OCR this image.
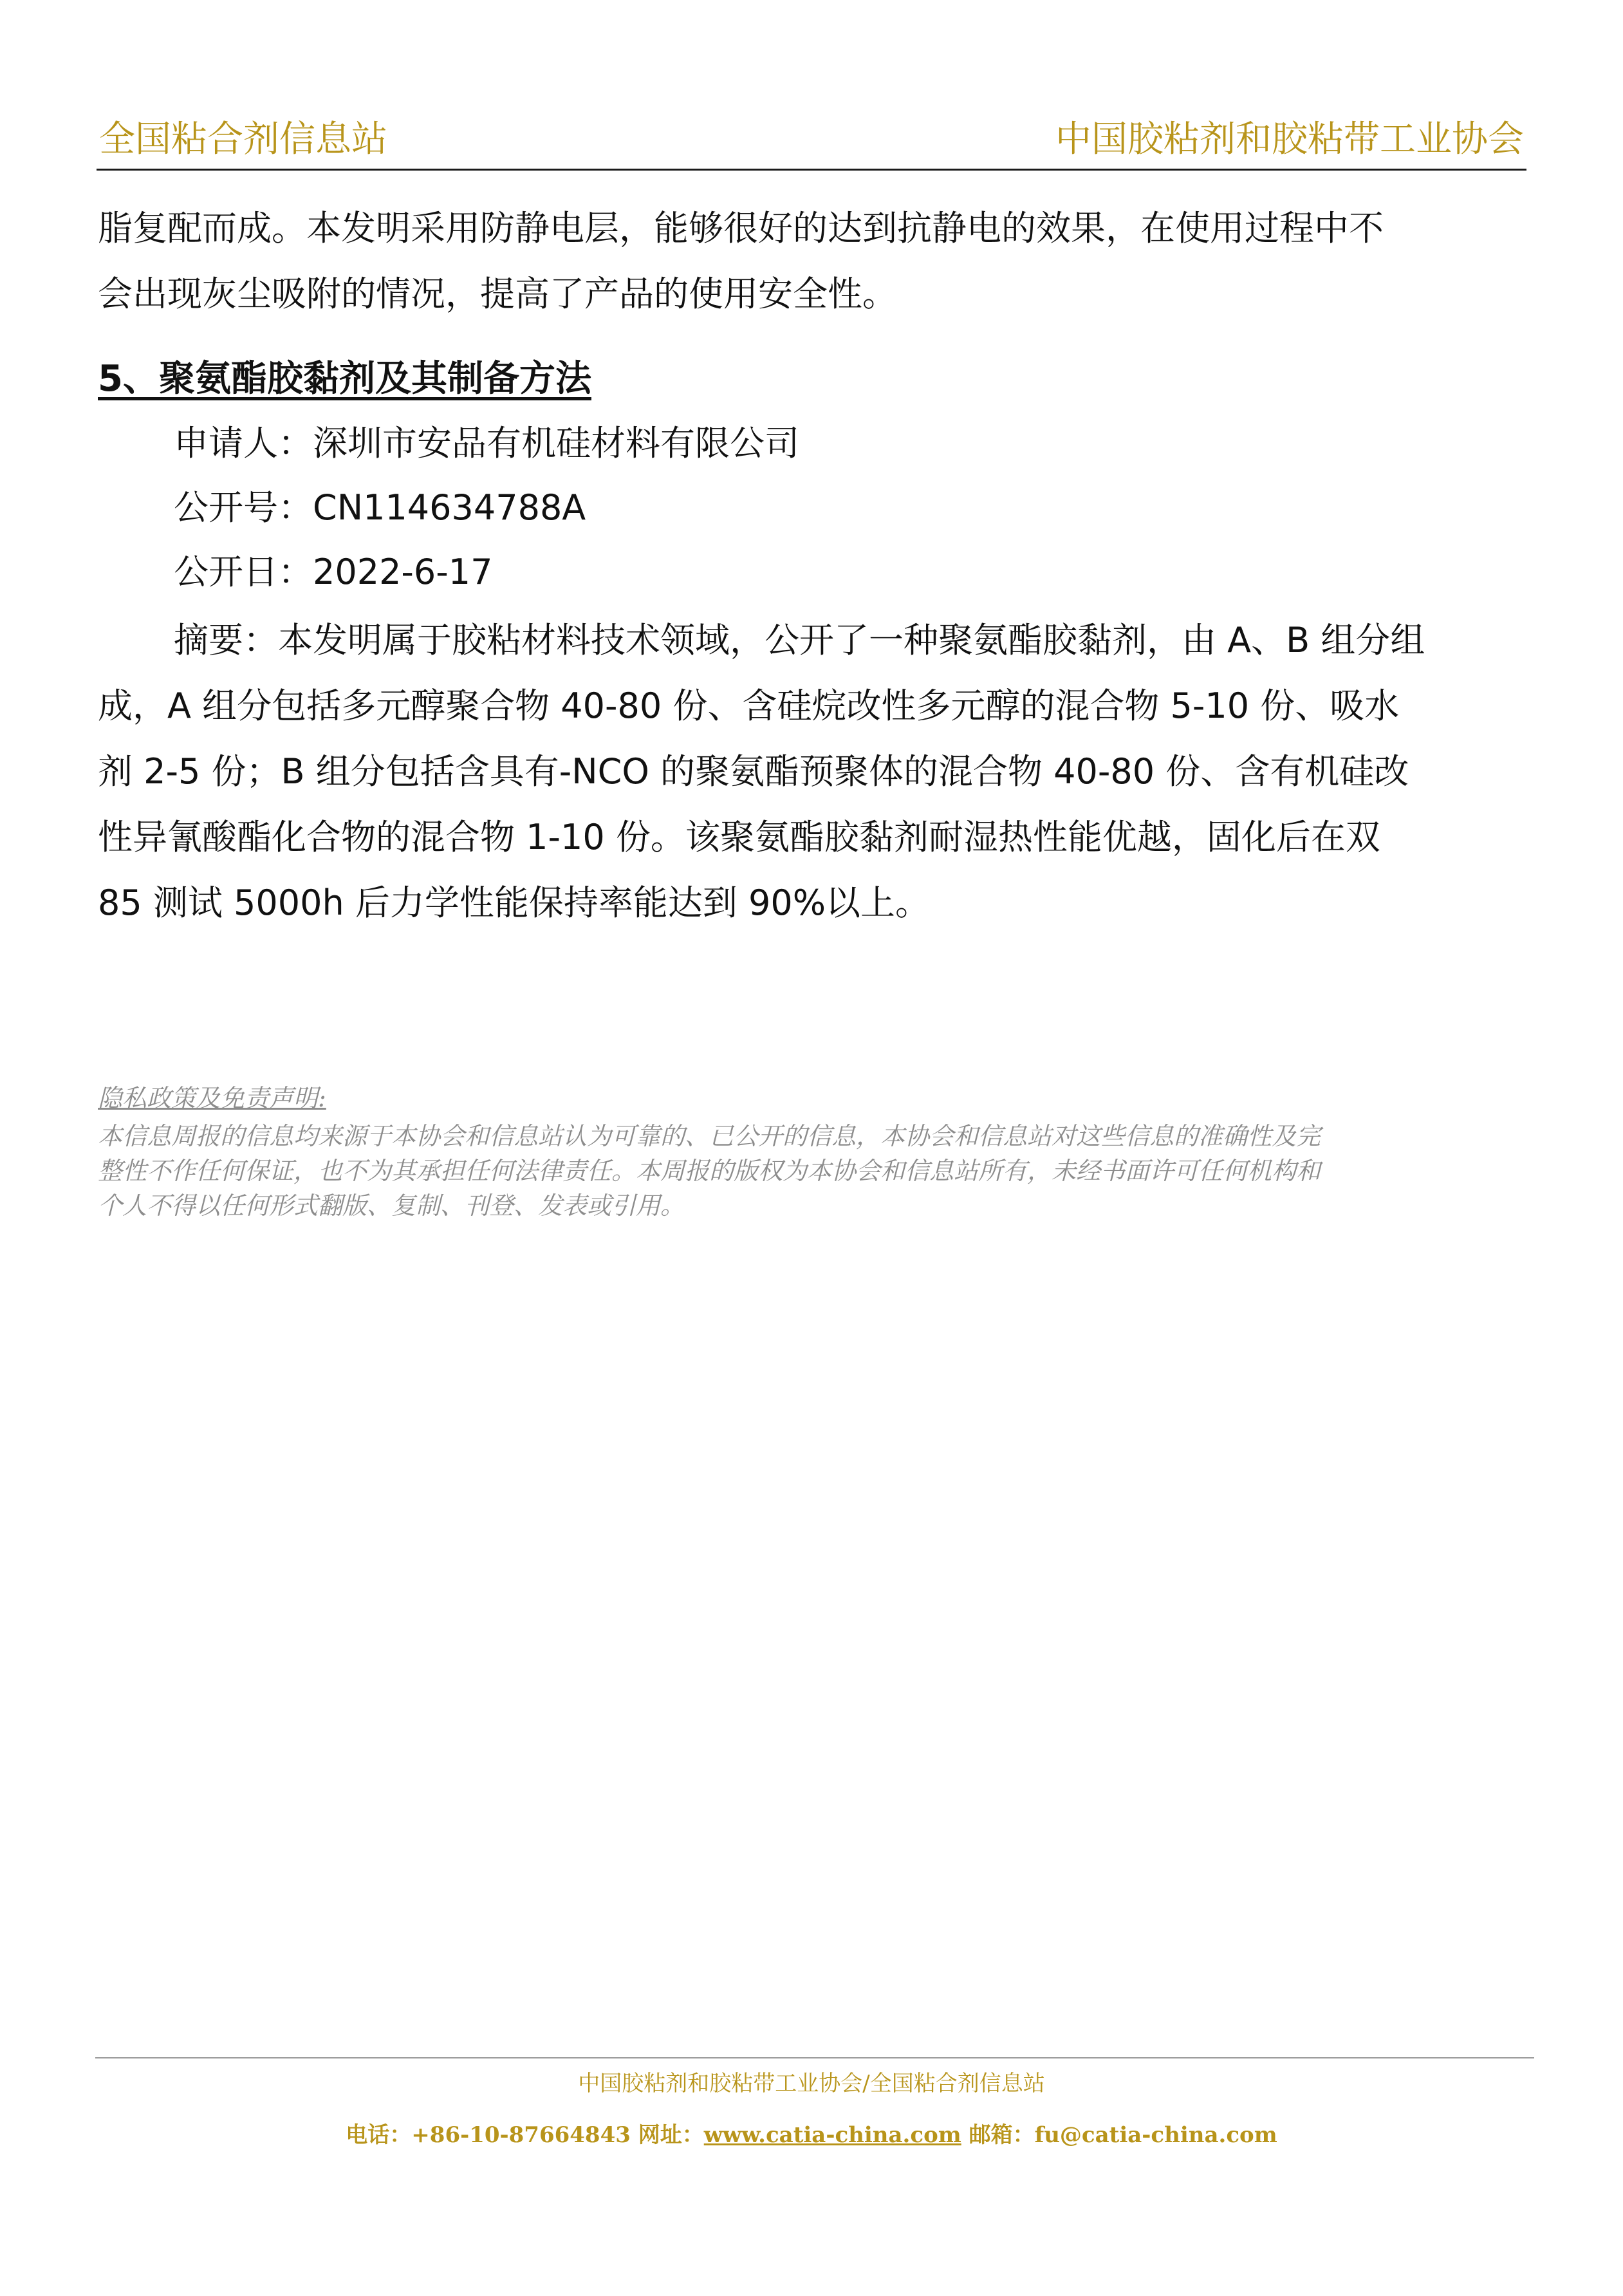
全国粘合剂信息站	中国胶粘剂和胶粘带工业协会
脂复配而成。本发明采用防静电层，能够很好的达到抗静电的效果，在使用过程中不
会出现灰尘吸附的情况，提高了产品的使用安全性。
5、聚氨酯胶黏剂及其制备方法
申请人：深圳市安品有机硅材料有限公司
公开号：CN114634788A
公开日：2022-6-17
摘要：本发明属于胶粘材料技术领域，公开了一种聚氨酯胶黏剂，由 A、B 组分组
成，A 组分包括多元醇聚合物 40-80 份、含硅烷改性多元醇的混合物 5-10 份、吸水
剂 2-5 份；B 组分包括含具有-NCO 的聚氨酯预聚体的混合物 40-80 份、含有机硅改
性异氰酸酯化合物的混合物 1-10 份。该聚氨酯胶黏剂耐湿热性能优越，固化后在双
85 测试 5000h 后力学性能保持率能达到 90%以上。
隐私政策及免责声明:
本信息周报的信息均来源于本协会和信息站认为可靠的、已公开的信息，本协会和信息站对这些信息的准确性及完
整性不作任何保证，也不为其承担任何法律责任。本周报的版权为本协会和信息站所有，未经书面许可任何机构和
个人不得以任何形式翻版、复制、刊登、发表或引用。
中国胶粘剂和胶粘带工业协会/全国粘合剂信息站
电话：+86-10-87664843 网址：www.catia-china.com 邮箱：fu@catia-china.com
